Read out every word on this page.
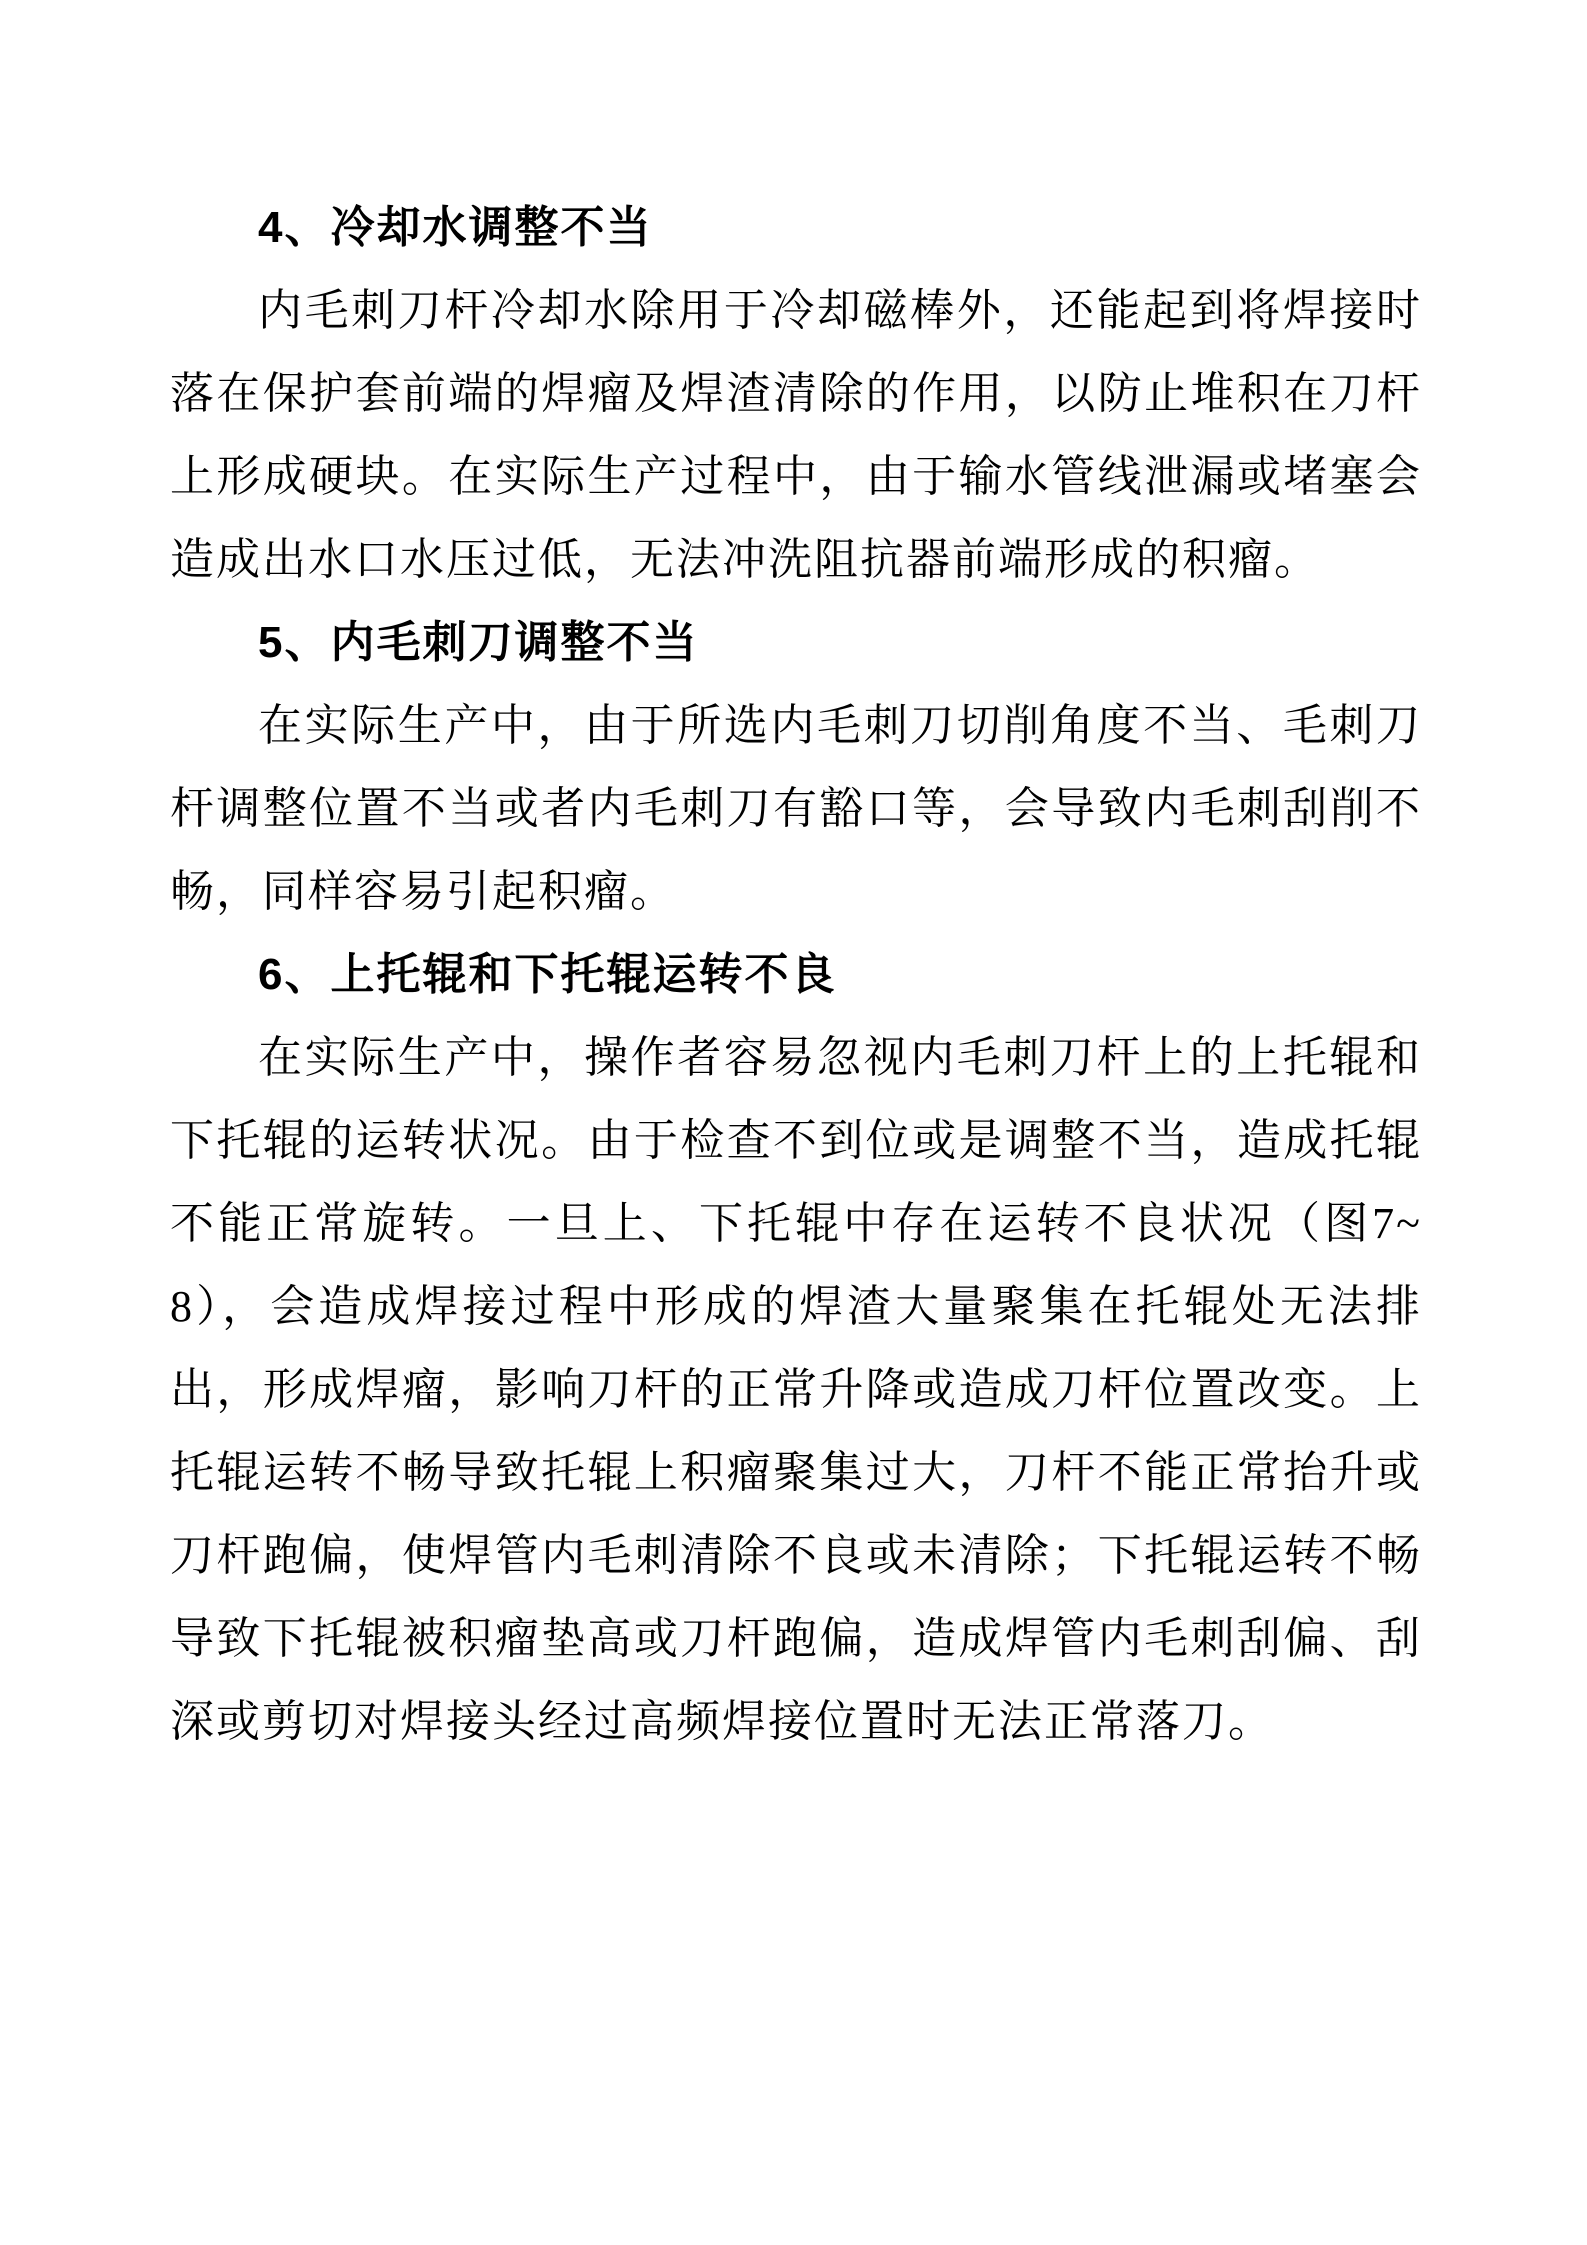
4、冷却水调整不当

内毛刺刀杆冷却水除用于冷却磁棒外，还能起到将焊接时落在保护套前端的焊瘤及焊渣清除的作用，以防止堆积在刀杆上形成硬块。在实际生产过程中，由于输水管线泄漏或堵塞会造成出水口水压过低，无法冲洗阻抗器前端形成的积瘤。

5、内毛刺刀调整不当

在实际生产中，由于所选内毛刺刀切削角度不当、毛刺刀杆调整位置不当或者内毛刺刀有豁口等，会导致内毛刺刮削不畅，同样容易引起积瘤。

6、上托辊和下托辊运转不良

在实际生产中，操作者容易忽视内毛刺刀杆上的上托辊和下托辊的运转状况。由于检查不到位或是调整不当，造成托辊不能正常旋转。一旦上、下托辊中存在运转不良状况（图7~8），会造成焊接过程中形成的焊渣大量聚集在托辊处无法排出，形成焊瘤，影响刀杆的正常升降或造成刀杆位置改变。上托辊运转不畅导致托辊上积瘤聚集过大，刀杆不能正常抬升或刀杆跑偏，使焊管内毛刺清除不良或未清除；下托辊运转不畅导致下托辊被积瘤垫高或刀杆跑偏，造成焊管内毛刺刮偏、刮深或剪切对焊接头经过高频焊接位置时无法正常落刀。
